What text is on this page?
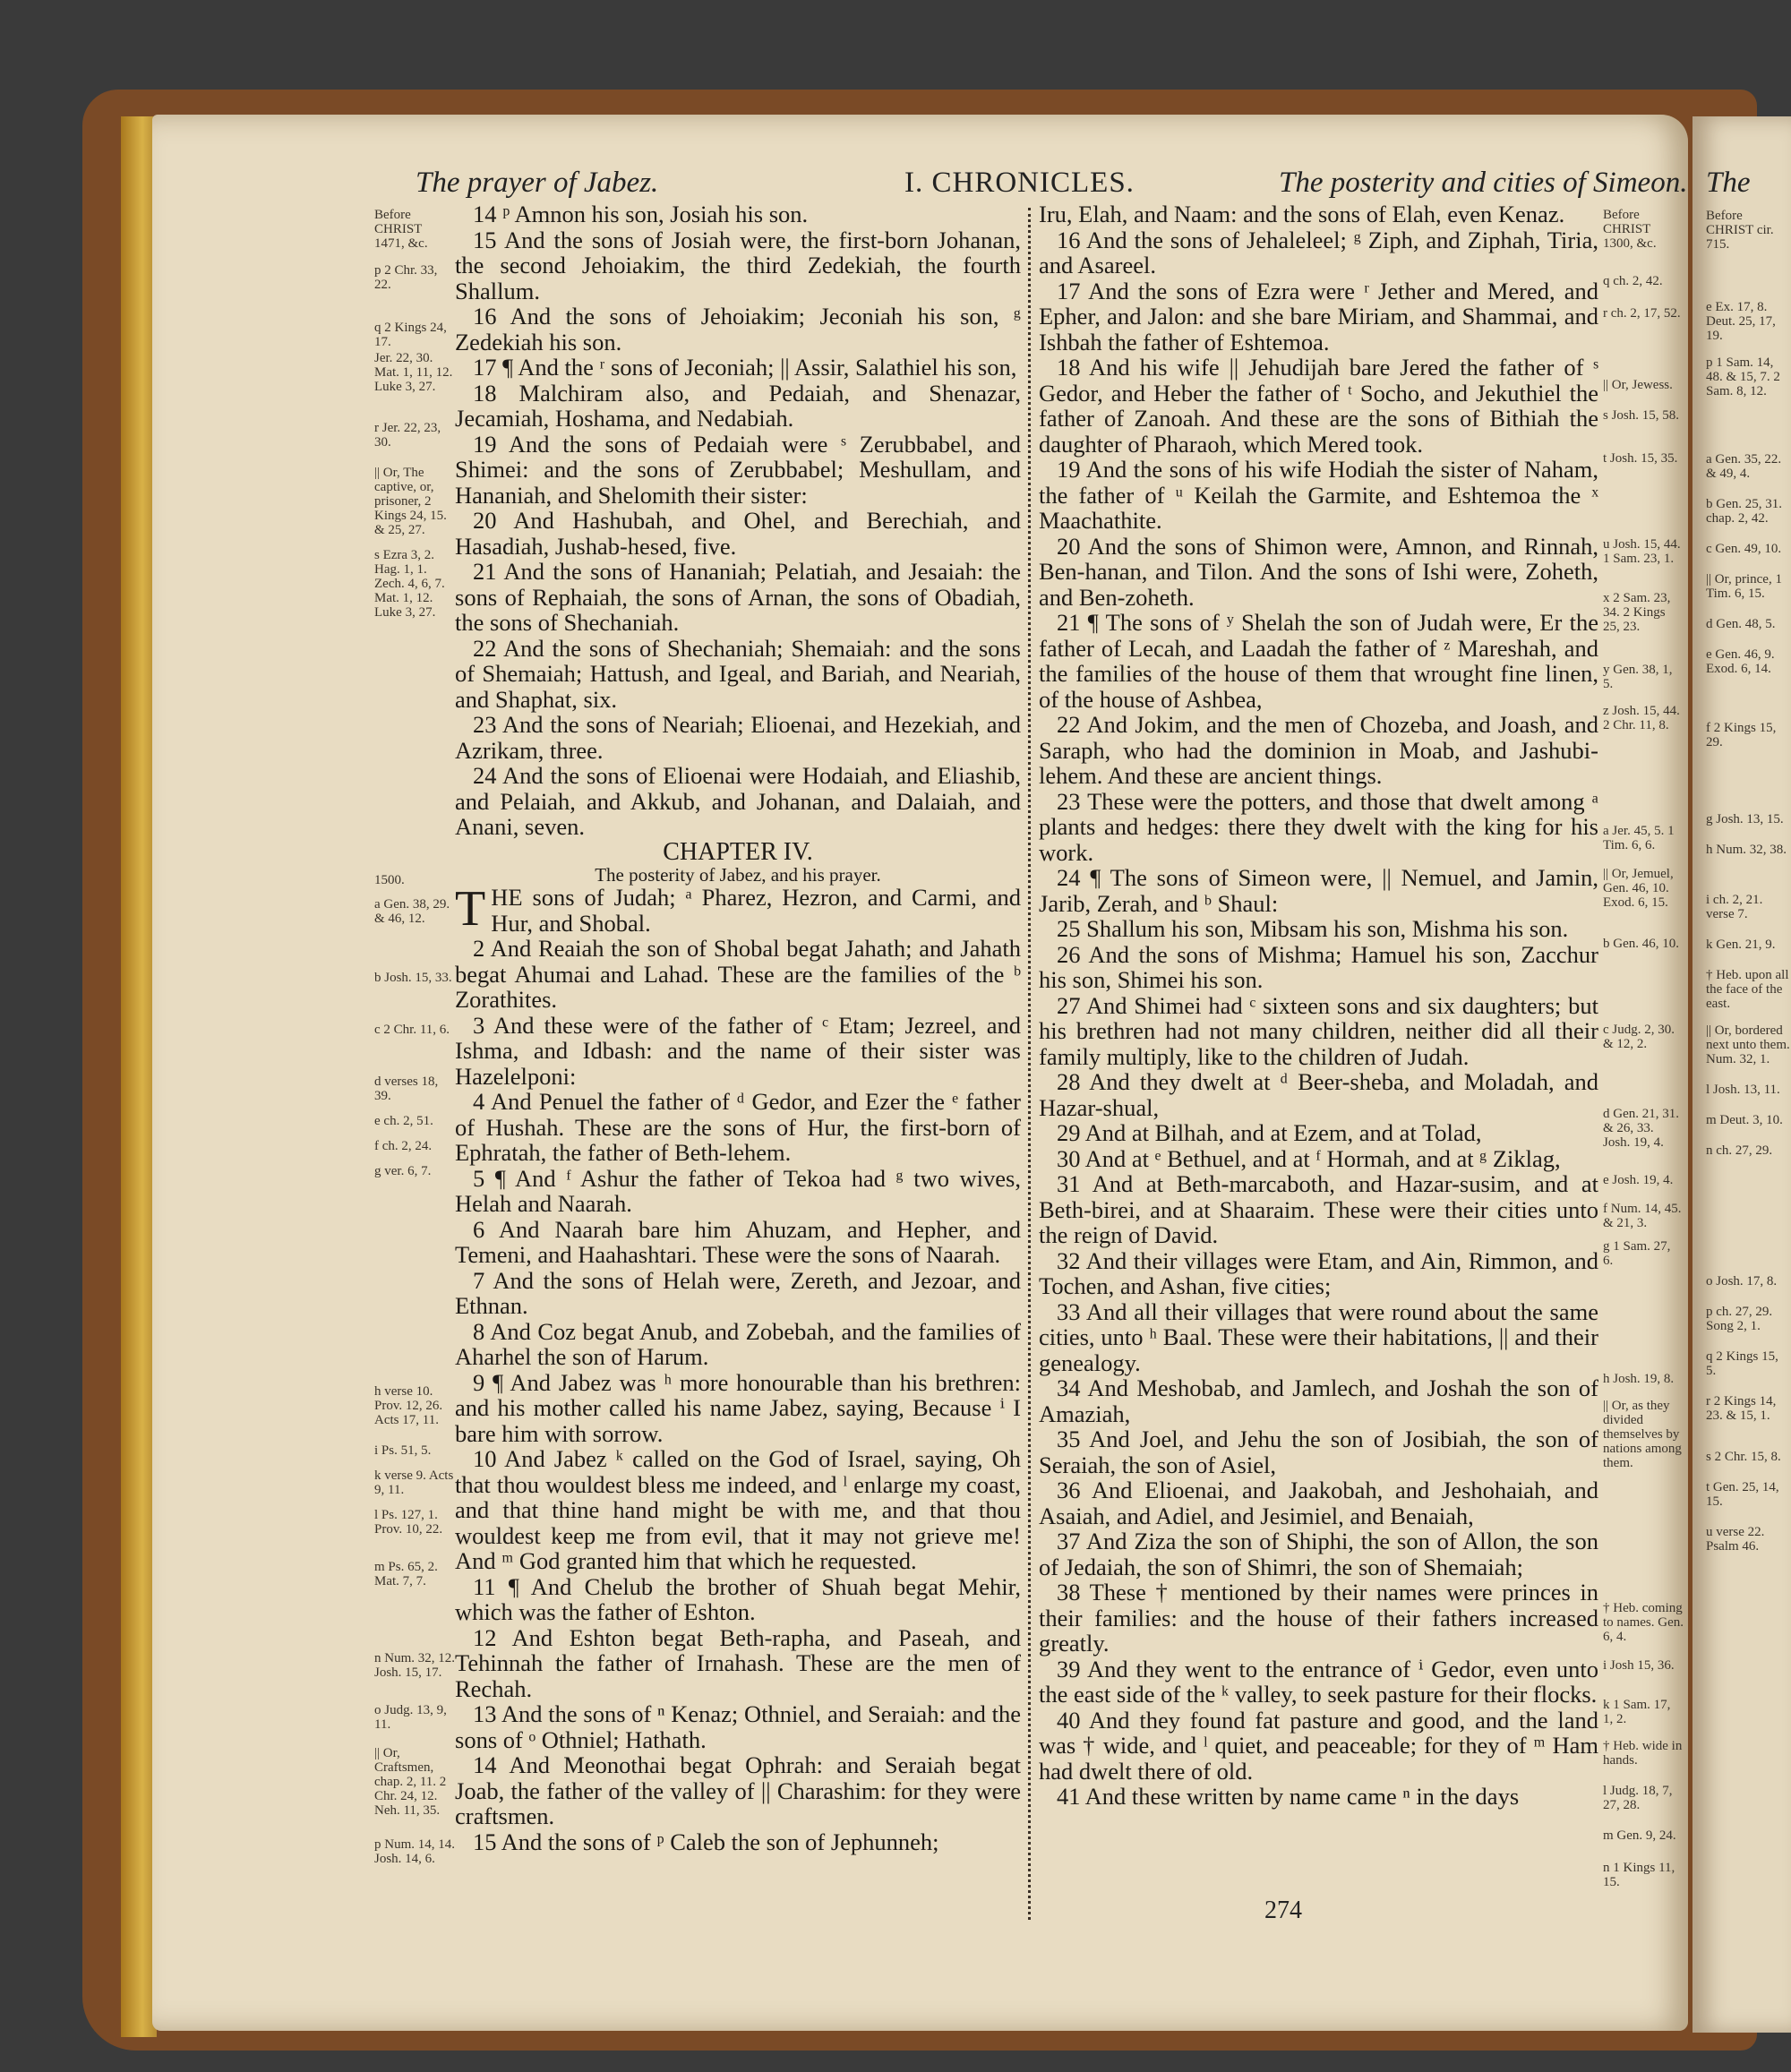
The prayer of Jabez.	I. CHRONICLES.	The posterity and cities of Simeon.

14 ᵖ Amnon his son, Josiah his son.

15 And the sons of Josiah were, the first-born Johanan, the second Jehoiakim, the third Zedekiah, the fourth Shallum.

16 And the sons of Jehoiakim; Jeconiah his son, ᵍ Zedekiah his son.

17 ¶ And the ʳ sons of Jeconiah; || Assir, Salathiel his son,

18 Malchiram also, and Pedaiah, and Shenazar, Jecamiah, Hoshama, and Nedabiah.

19 And the sons of Pedaiah were ˢ Zerubbabel, and Shimei: and the sons of Zerubbabel; Meshullam, and Hananiah, and Shelomith their sister:

20 And Hashubah, and Ohel, and Berechiah, and Hasadiah, Jushab-hesed, five.

21 And the sons of Hananiah; Pelatiah, and Jesaiah: the sons of Rephaiah, the sons of Arnan, the sons of Obadiah, the sons of Shechaniah.

22 And the sons of Shechaniah; Shemaiah: and the sons of Shemaiah; Hattush, and Igeal, and Bariah, and Neariah, and Shaphat, six.

23 And the sons of Neariah; Elioenai, and Hezekiah, and Azrikam, three.

24 And the sons of Elioenai were Hodaiah, and Eliashib, and Pelaiah, and Akkub, and Johanan, and Dalaiah, and Anani, seven.

CHAPTER IV.

The posterity of Jabez, and his prayer.

THE sons of Judah; ᵃ Pharez, Hezron, and Carmi, and Hur, and Shobal.

2 And Reaiah the son of Shobal begat Jahath; and Jahath begat Ahumai and Lahad. These are the families of the ᵇ Zorathites.

3 And these were of the father of ᶜ Etam; Jezreel, and Ishma, and Idbash: and the name of their sister was Hazelelponi:

4 And Penuel the father of ᵈ Gedor, and Ezer the ᵉ father of Hushah. These are the sons of Hur, the first-born of Ephratah, the father of Beth-lehem.

5 ¶ And ᶠ Ashur the father of Tekoa had ᵍ two wives, Helah and Naarah.

6 And Naarah bare him Ahuzam, and Hepher, and Temeni, and Haahashtari. These were the sons of Naarah.

7 And the sons of Helah were, Zereth, and Jezoar, and Ethnan.

8 And Coz begat Anub, and Zobebah, and the families of Aharhel the son of Harum.

9 ¶ And Jabez was ʰ more honourable than his brethren: and his mother called his name Jabez, saying, Because ⁱ I bare him with sorrow.

10 And Jabez ᵏ called on the God of Israel, saying, Oh that thou wouldest bless me indeed, and ˡ enlarge my coast, and that thine hand might be with me, and that thou wouldest keep me from evil, that it may not grieve me! And ᵐ God granted him that which he requested.

11 ¶ And Chelub the brother of Shuah begat Mehir, which was the father of Eshton.

12 And Eshton begat Beth-rapha, and Paseah, and Tehinnah the father of Irnahash. These are the men of Rechah.

13 And the sons of ⁿ Kenaz; Othniel, and Seraiah: and the sons of ᵒ Othniel; Hathath.

14 And Meonothai begat Ophrah: and Seraiah begat Joab, the father of the valley of || Charashim: for they were craftsmen.

15 And the sons of ᵖ Caleb the son of Jephunneh;

Iru, Elah, and Naam: and the sons of Elah, even Kenaz.

16 And the sons of Jehaleleel; ᵍ Ziph, and Ziphah, Tiria, and Asareel.

17 And the sons of Ezra were ʳ Jether and Mered, and Epher, and Jalon: and she bare Miriam, and Shammai, and Ishbah the father of Eshtemoa.

18 And his wife || Jehudijah bare Jered the father of ˢ Gedor, and Heber the father of ᵗ Socho, and Jekuthiel the father of Zanoah. And these are the sons of Bithiah the daughter of Pharaoh, which Mered took.

19 And the sons of his wife Hodiah the sister of Naham, the father of ᵘ Keilah the Garmite, and Eshtemoa the ˣ Maachathite.

20 And the sons of Shimon were, Amnon, and Rinnah, Ben-hanan, and Tilon. And the sons of Ishi were, Zoheth, and Ben-zoheth.

21 ¶ The sons of ʸ Shelah the son of Judah were, Er the father of Lecah, and Laadah the father of ᶻ Mareshah, and the families of the house of them that wrought fine linen, of the house of Ashbea,

22 And Jokim, and the men of Chozeba, and Joash, and Saraph, who had the dominion in Moab, and Jashubi-lehem. And these are ancient things.

23 These were the potters, and those that dwelt among ᵃ plants and hedges: there they dwelt with the king for his work.

24 ¶ The sons of Simeon were, || Nemuel, and Jamin, Jarib, Zerah, and ᵇ Shaul:

25 Shallum his son, Mibsam his son, Mishma his son.

26 And the sons of Mishma; Hamuel his son, Zacchur his son, Shimei his son.

27 And Shimei had ᶜ sixteen sons and six daughters; but his brethren had not many children, neither did all their family multiply, like to the children of Judah.

28 And they dwelt at ᵈ Beer-sheba, and Moladah, and Hazar-shual,

29 And at Bilhah, and at Ezem, and at Tolad,

30 And at ᵉ Bethuel, and at ᶠ Hormah, and at ᵍ Ziklag,

31 And at Beth-marcaboth, and Hazar-susim, and at Beth-birei, and at Shaaraim. These were their cities unto the reign of David.

32 And their villages were Etam, and Ain, Rimmon, and Tochen, and Ashan, five cities;

33 And all their villages that were round about the same cities, unto ʰ Baal. These were their habitations, || and their genealogy.

34 And Meshobab, and Jamlech, and Joshah the son of Amaziah,

35 And Joel, and Jehu the son of Josibiah, the son of Seraiah, the son of Asiel,

36 And Elioenai, and Jaakobah, and Jeshohaiah, and Asaiah, and Adiel, and Jesimiel, and Benaiah,

37 And Ziza the son of Shiphi, the son of Allon, the son of Jedaiah, the son of Shimri, the son of Shemaiah;

38 These † mentioned by their names were princes in their families: and the house of their fathers increased greatly.

39 And they went to the entrance of ⁱ Gedor, even unto the east side of the ᵏ valley, to seek pasture for their flocks.

40 And they found fat pasture and good, and the land was † wide, and ˡ quiet, and peaceable; for they of ᵐ Ham had dwelt there of old.

41 And these written by name came ⁿ in the days

Before CHRIST 1471, &c.
p 2 Chr. 33, 22.
q 2 Kings 24, 17.
Jer. 22, 30. Mat. 1, 11, 12. Luke 3, 27.
r Jer. 22, 23, 30.
|| Or, The captive, or, prisoner, 2 Kings 24, 15. & 25, 27.
s Ezra 3, 2. Hag. 1, 1. Zech. 4, 6, 7. Mat. 1, 12. Luke 3, 27.
1500.
a Gen. 38, 29. & 46, 12.
b Josh. 15, 33.
c 2 Chr. 11, 6.
d verses 18, 39.
e ch. 2, 51.
f ch. 2, 24.
g ver. 6, 7.
h verse 10. Prov. 12, 26. Acts 17, 11.
i Ps. 51, 5.
k verse 9. Acts 9, 11.
l Ps. 127, 1. Prov. 10, 22.
m Ps. 65, 2. Mat. 7, 7.
n Num. 32, 12. Josh. 15, 17.
o Judg. 13, 9, 11.
|| Or, Craftsmen, chap. 2, 11. 2 Chr. 24, 12. Neh. 11, 35.
p Num. 14, 14. Josh. 14, 6.
Before CHRIST 1300, &c.
q ch. 2, 42.
r ch. 2, 17, 52.
|| Or, Jewess.
s Josh. 15, 58.
t Josh. 15, 35.
u Josh. 15, 44. 1 Sam. 23, 1.
x 2 Sam. 23, 34. 2 Kings 25, 23.
y Gen. 38, 1, 5.
z Josh. 15, 44. 2 Chr. 11, 8.
a Jer. 45, 5. 1 Tim. 6, 6.
|| Or, Jemuel, Gen. 46, 10. Exod. 6, 15.
b Gen. 46, 10.
c Judg. 2, 30. & 12, 2.
d Gen. 21, 31. & 26, 33. Josh. 19, 4.
e Josh. 19, 4.
f Num. 14, 45. & 21, 3.
g 1 Sam. 27, 6.
h Josh. 19, 8.
|| Or, as they divided themselves by nations among them.
† Heb. coming to names. Gen. 6, 4.
i Josh 15, 36.
k 1 Sam. 17, 1, 2.
† Heb. wide in hands.
l Judg. 18, 7, 27, 28.
m Gen. 9, 24.
n 1 Kings 11, 15.
274
The
Before CHRIST cir. 715.
e Ex. 17, 8. Deut. 25, 17, 19.
p 1 Sam. 14, 48. & 15, 7. 2 Sam. 8, 12.
a Gen. 35, 22. & 49, 4.
b Gen. 25, 31. chap. 2, 42.
c Gen. 49, 10.
|| Or, prince, 1 Tim. 6, 15.
d Gen. 48, 5.
e Gen. 46, 9. Exod. 6, 14.
f 2 Kings 15, 29.
g Josh. 13, 15.
h Num. 32, 38.
i ch. 2, 21. verse 7.
k Gen. 21, 9.
† Heb. upon all the face of the east.
|| Or, bordered next unto them. Num. 32, 1.
l Josh. 13, 11.
m Deut. 3, 10.
n ch. 27, 29.
o Josh. 17, 8.
p ch. 27, 29. Song 2, 1.
q 2 Kings 15, 5.
r 2 Kings 14, 23. & 15, 1.
s 2 Chr. 15, 8.
t Gen. 25, 14, 15.
u verse 22. Psalm 46.
